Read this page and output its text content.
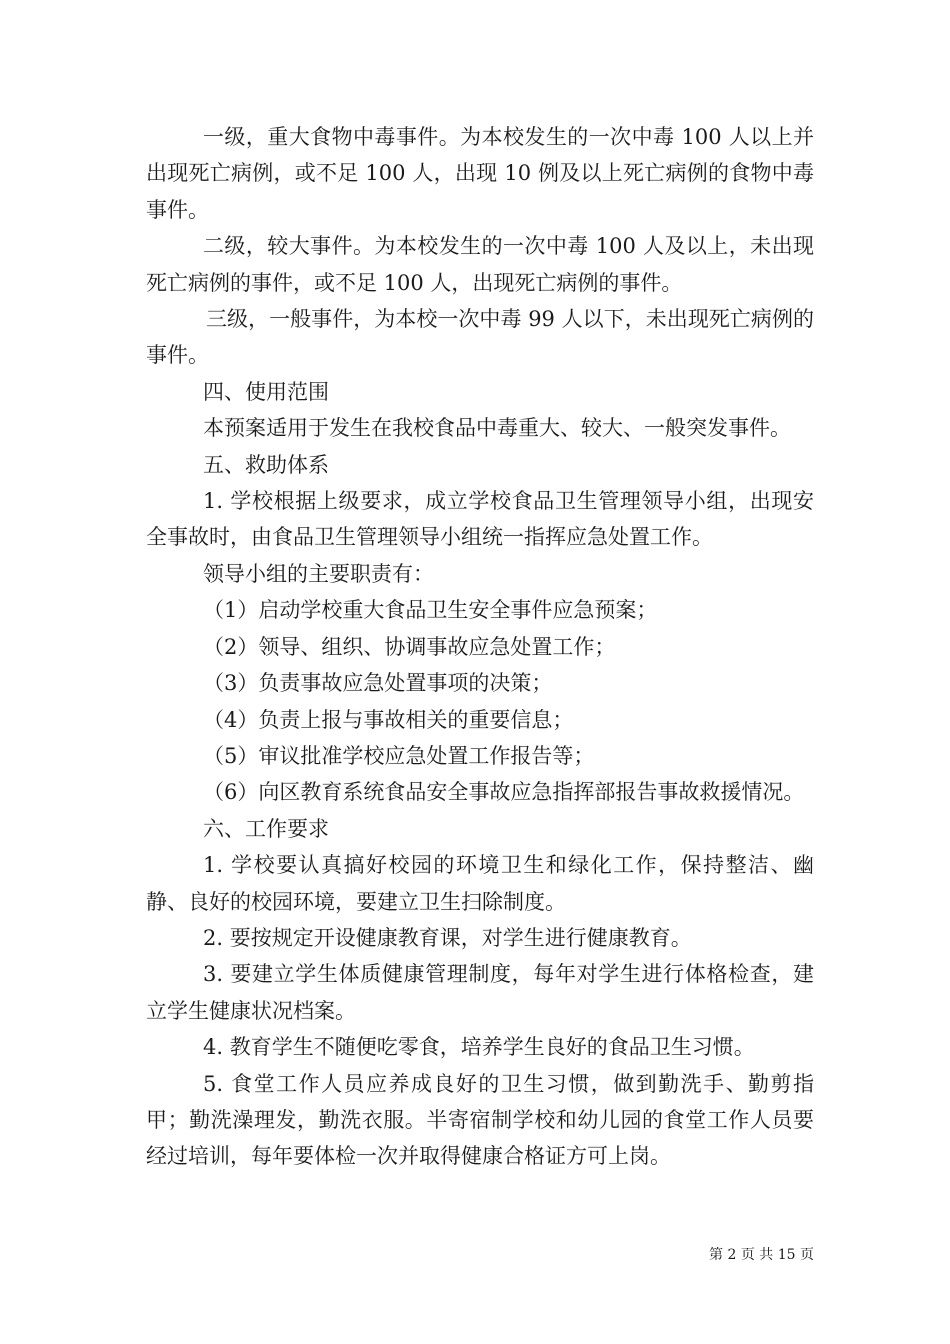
一级，重大食物中毒事件。为本校发生的一次中毒 100 人以上并出现死亡病例，或不足 100 人，出现 10 例及以上死亡病例的食物中毒事件。

二级，较大事件。为本校发生的一次中毒 100 人及以上，未出现死亡病例的事件，或不足 100 人，出现死亡病例的事件。

三级，一般事件，为本校一次中毒 99 人以下，未出现死亡病例的事件。

四、使用范围

本预案适用于发生在我校食品中毒重大、较大、一般突发事件。

五、救助体系

1. 学校根据上级要求，成立学校食品卫生管理领导小组，出现安全事故时，由食品卫生管理领导小组统一指挥应急处置工作。

领导小组的主要职责有：

（1）启动学校重大食品卫生安全事件应急预案；

（2）领导、组织、协调事故应急处置工作；

（3）负责事故应急处置事项的决策；

（4）负责上报与事故相关的重要信息；

（5）审议批准学校应急处置工作报告等；

（6）向区教育系统食品安全事故应急指挥部报告事故救援情况。

六、工作要求

1. 学校要认真搞好校园的环境卫生和绿化工作，保持整洁、幽静、良好的校园环境，要建立卫生扫除制度。

2. 要按规定开设健康教育课，对学生进行健康教育。

3. 要建立学生体质健康管理制度，每年对学生进行体格检查，建立学生健康状况档案。

4. 教育学生不随便吃零食，培养学生良好的食品卫生习惯。

5. 食堂工作人员应养成良好的卫生习惯，做到勤洗手、勤剪指甲；勤洗澡理发，勤洗衣服。半寄宿制学校和幼儿园的食堂工作人员要经过培训，每年要体检一次并取得健康合格证方可上岗。

第 2 页 共 15 页
